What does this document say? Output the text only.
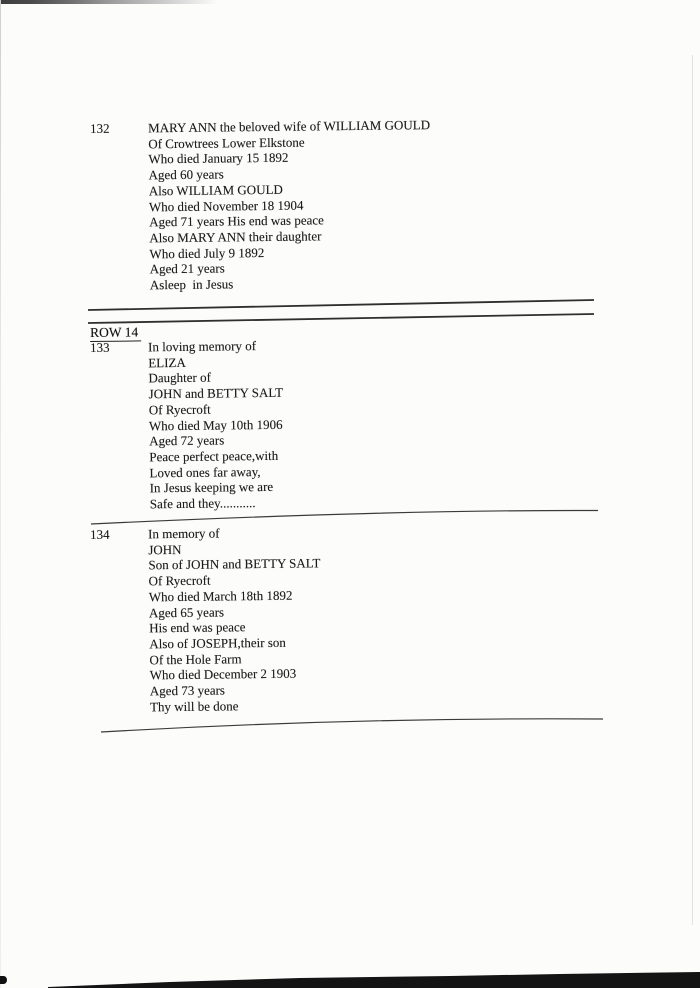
132	MARY ANN the beloved wife of WILLIAM GOULD
Of Crowtrees Lower Elkstone
Who died January 15 1892
Aged 60 years
Also WILLIAM GOULD
Who died November 18 1904
Aged 71 years His end was peace
Also MARY ANN their daughter
Who died July 9 1892
Aged 21 years
Asleep  in Jesus
ROW 14
133	In loving memory of
ELIZA
Daughter of
JOHN and BETTY SALT
Of Ryecroft
Who died May 10th 1906
Aged 72 years
Peace perfect peace,with
Loved ones far away,
In Jesus keeping we are
Safe and they...........
134	In memory of
JOHN
Son of JOHN and BETTY SALT
Of Ryecroft
Who died March 18th 1892
Aged 65 years
His end was peace
Also of JOSEPH,their son
Of the Hole Farm
Who died December 2 1903
Aged 73 years
Thy will be done
